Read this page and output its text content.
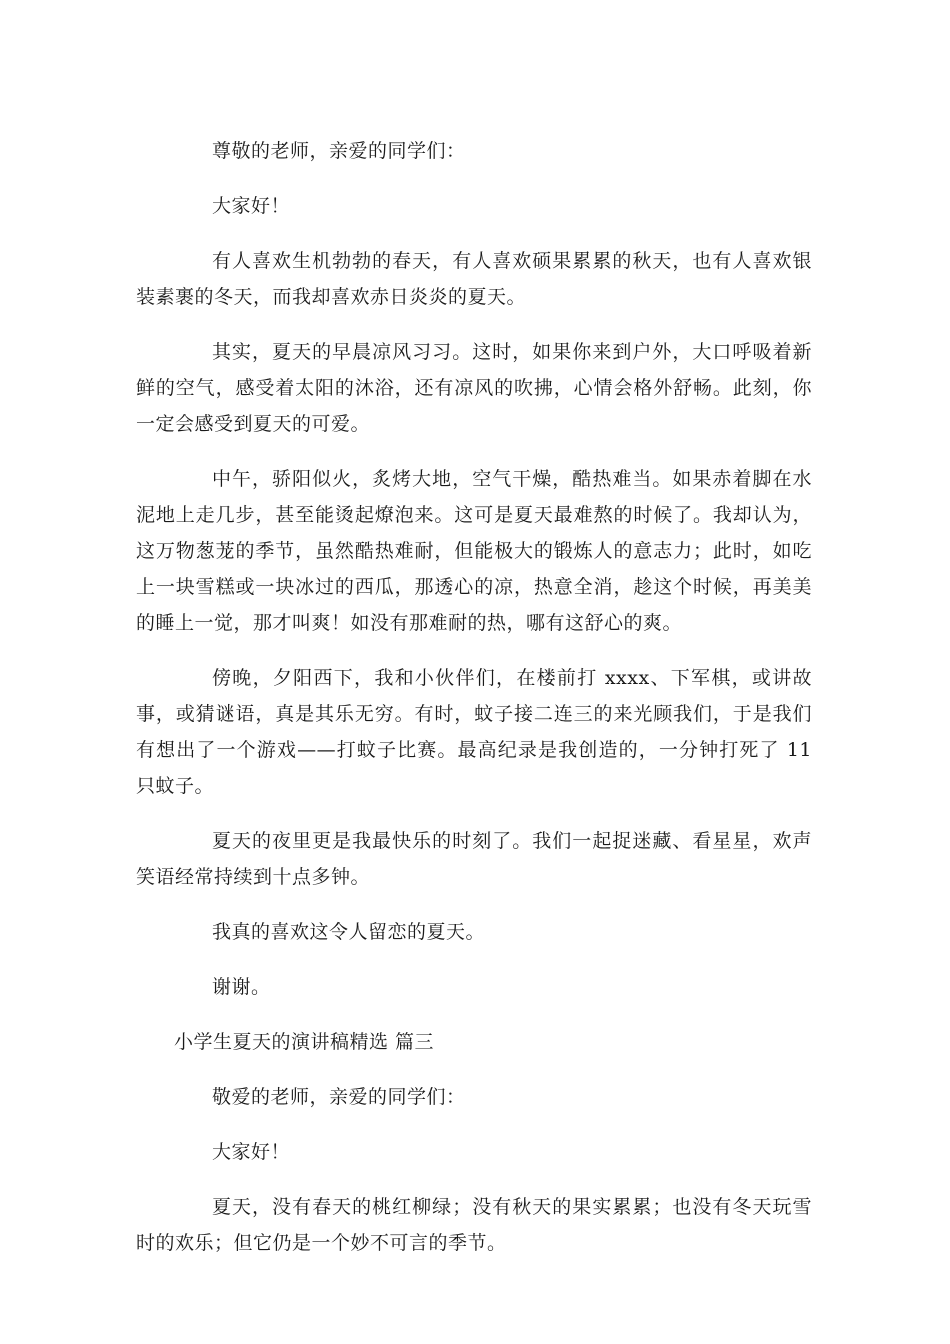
尊敬的老师，亲爱的同学们：

大家好！

有人喜欢生机勃勃的春天，有人喜欢硕果累累的秋天，也有人喜欢银装素裹的冬天，而我却喜欢赤日炎炎的夏天。

其实，夏天的早晨凉风习习。这时，如果你来到户外，大口呼吸着新鲜的空气，感受着太阳的沐浴，还有凉风的吹拂，心情会格外舒畅。此刻，你一定会感受到夏天的可爱。

中午，骄阳似火，炙烤大地，空气干燥，酷热难当。如果赤着脚在水泥地上走几步，甚至能烫起燎泡来。这可是夏天最难熬的时候了。我却认为，这万物葱茏的季节，虽然酷热难耐，但能极大的锻炼人的意志力；此时，如吃上一块雪糕或一块冰过的西瓜，那透心的凉，热意全消，趁这个时候，再美美的睡上一觉，那才叫爽！如没有那难耐的热，哪有这舒心的爽。

傍晚，夕阳西下，我和小伙伴们，在楼前打 xxxx、下军棋，或讲故事，或猜谜语，真是其乐无穷。有时，蚊子接二连三的来光顾我们，于是我们有想出了一个游戏——打蚊子比赛。最高纪录是我创造的，一分钟打死了 11 只蚊子。

夏天的夜里更是我最快乐的时刻了。我们一起捉迷藏、看星星，欢声笑语经常持续到十点多钟。

我真的喜欢这令人留恋的夏天。

谢谢。

小学生夏天的演讲稿精选 篇三

敬爱的老师，亲爱的同学们：

大家好！

夏天，没有春天的桃红柳绿；没有秋天的果实累累；也没有冬天玩雪时的欢乐；但它仍是一个妙不可言的季节。
